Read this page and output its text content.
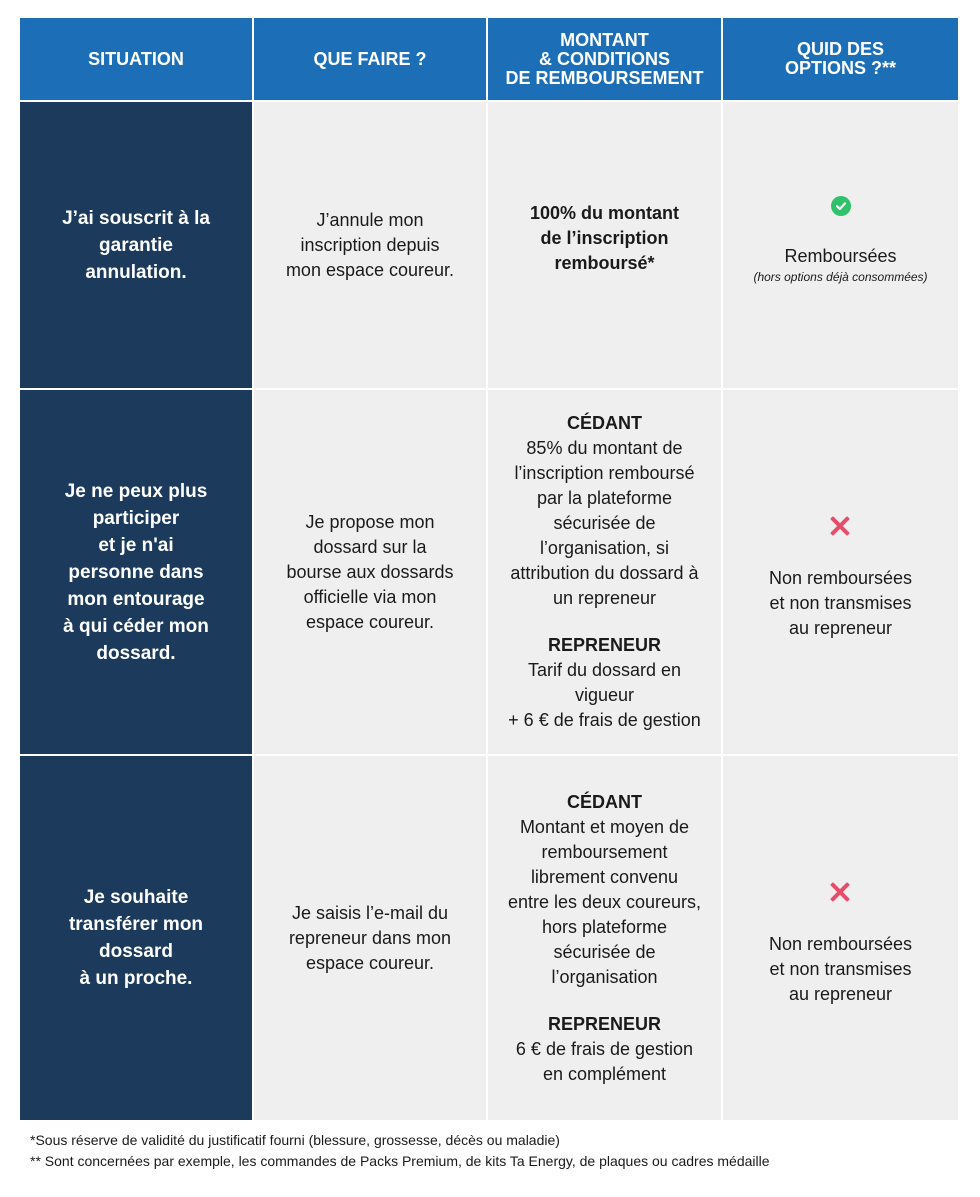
SITUATION	QUE FAIRE ?
MONTANT
& CONDITIONS
DE REMBOURSEMENT
QUID DES
OPTIONS ?**
J’ai souscrit à la
garantie
annulation.
J’annule mon
inscription depuis
mon espace coureur.
100% du montant
de l’inscription
remboursé*	Remboursées
(hors options déjà consommées)
Je ne peux plus
participer
et je n'ai
personne dans
mon entourage
à qui céder mon
dossard.
Je propose mon
dossard sur la
bourse aux dossards
officielle via mon
espace coureur.
CÉDANT
85% du montant de
l’inscription remboursé
par la plateforme
sécurisée de
l’organisation, si
attribution du dossard à
un repreneur
REPRENEUR
Tarif du dossard en
vigueur
+ 6 € de frais de gestion
Non remboursées
et non transmises
au repreneur
Je souhaite
transférer mon
dossard
à un proche.
Je saisis l’e-mail du
repreneur dans mon
espace coureur.
CÉDANT
Montant et moyen de
remboursement
librement convenu
entre les deux coureurs,
hors plateforme
sécurisée de
l’organisation
REPRENEUR
6 € de frais de gestion
en complément
Non remboursées
et non transmises
au repreneur
*Sous réserve de validité du justificatif fourni (blessure, grossesse, décès ou maladie)
** Sont concernées par exemple, les commandes de Packs Premium, de kits Ta Energy, de plaques ou cadres médaille
